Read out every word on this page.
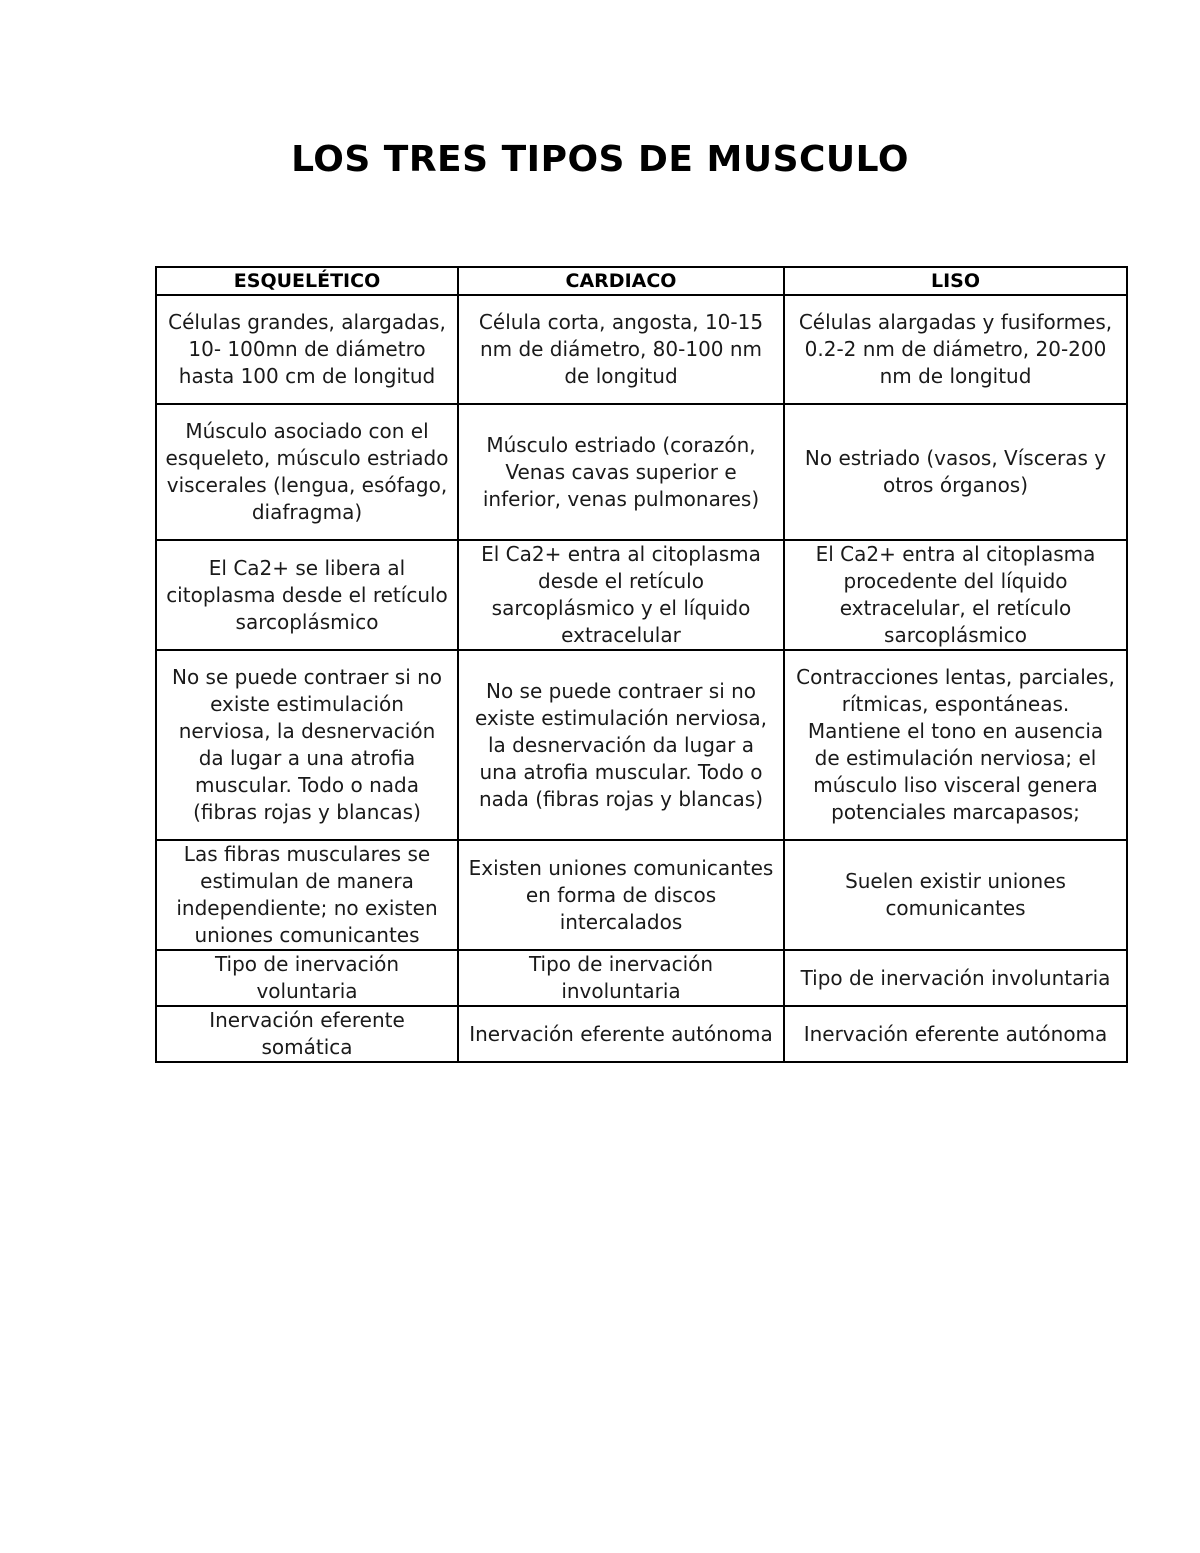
LOS TRES TIPOS DE MUSCULO
ESQUELÉTICO	CARDIACO	LISO
Células grandes, alargadas, 10- 100mn de diámetro hasta 100 cm de longitud	Célula corta, angosta, 10-15 nm de diámetro, 80-100 nm de longitud	Células alargadas y fusiformes, 0.2-2 nm de diámetro, 20-200 nm de longitud
Músculo asociado con el esqueleto, músculo estriado viscerales (lengua, esófago, diafragma)	Músculo estriado (corazón, Venas cavas superior e inferior, venas pulmonares)	No estriado (vasos, Vísceras y otros órganos)
El Ca2+ se libera al citoplasma desde el retículo sarcoplásmico	El Ca2+ entra al citoplasma desde el retículo sarcoplásmico y el líquido extracelular	El Ca2+ entra al citoplasma procedente del líquido extracelular, el retículo sarcoplásmico
No se puede contraer si no existe estimulación nerviosa, la desnervación da lugar a una atrofia muscular. Todo o nada (fibras rojas y blancas)	No se puede contraer si no existe estimulación nerviosa, la desnervación da lugar a una atrofia muscular. Todo o nada (fibras rojas y blancas)	Contracciones lentas, parciales, rítmicas, espontáneas. Mantiene el tono en ausencia de estimulación nerviosa; el músculo liso visceral genera potenciales marcapasos;
Las fibras musculares se estimulan de manera independiente; no existen uniones comunicantes	Existen uniones comunicantes en forma de discos intercalados	Suelen existir uniones comunicantes
Tipo de inervación voluntaria	Tipo de inervación involuntaria	Tipo de inervación involuntaria
Inervación eferente somática	Inervación eferente autónoma	Inervación eferente autónoma
